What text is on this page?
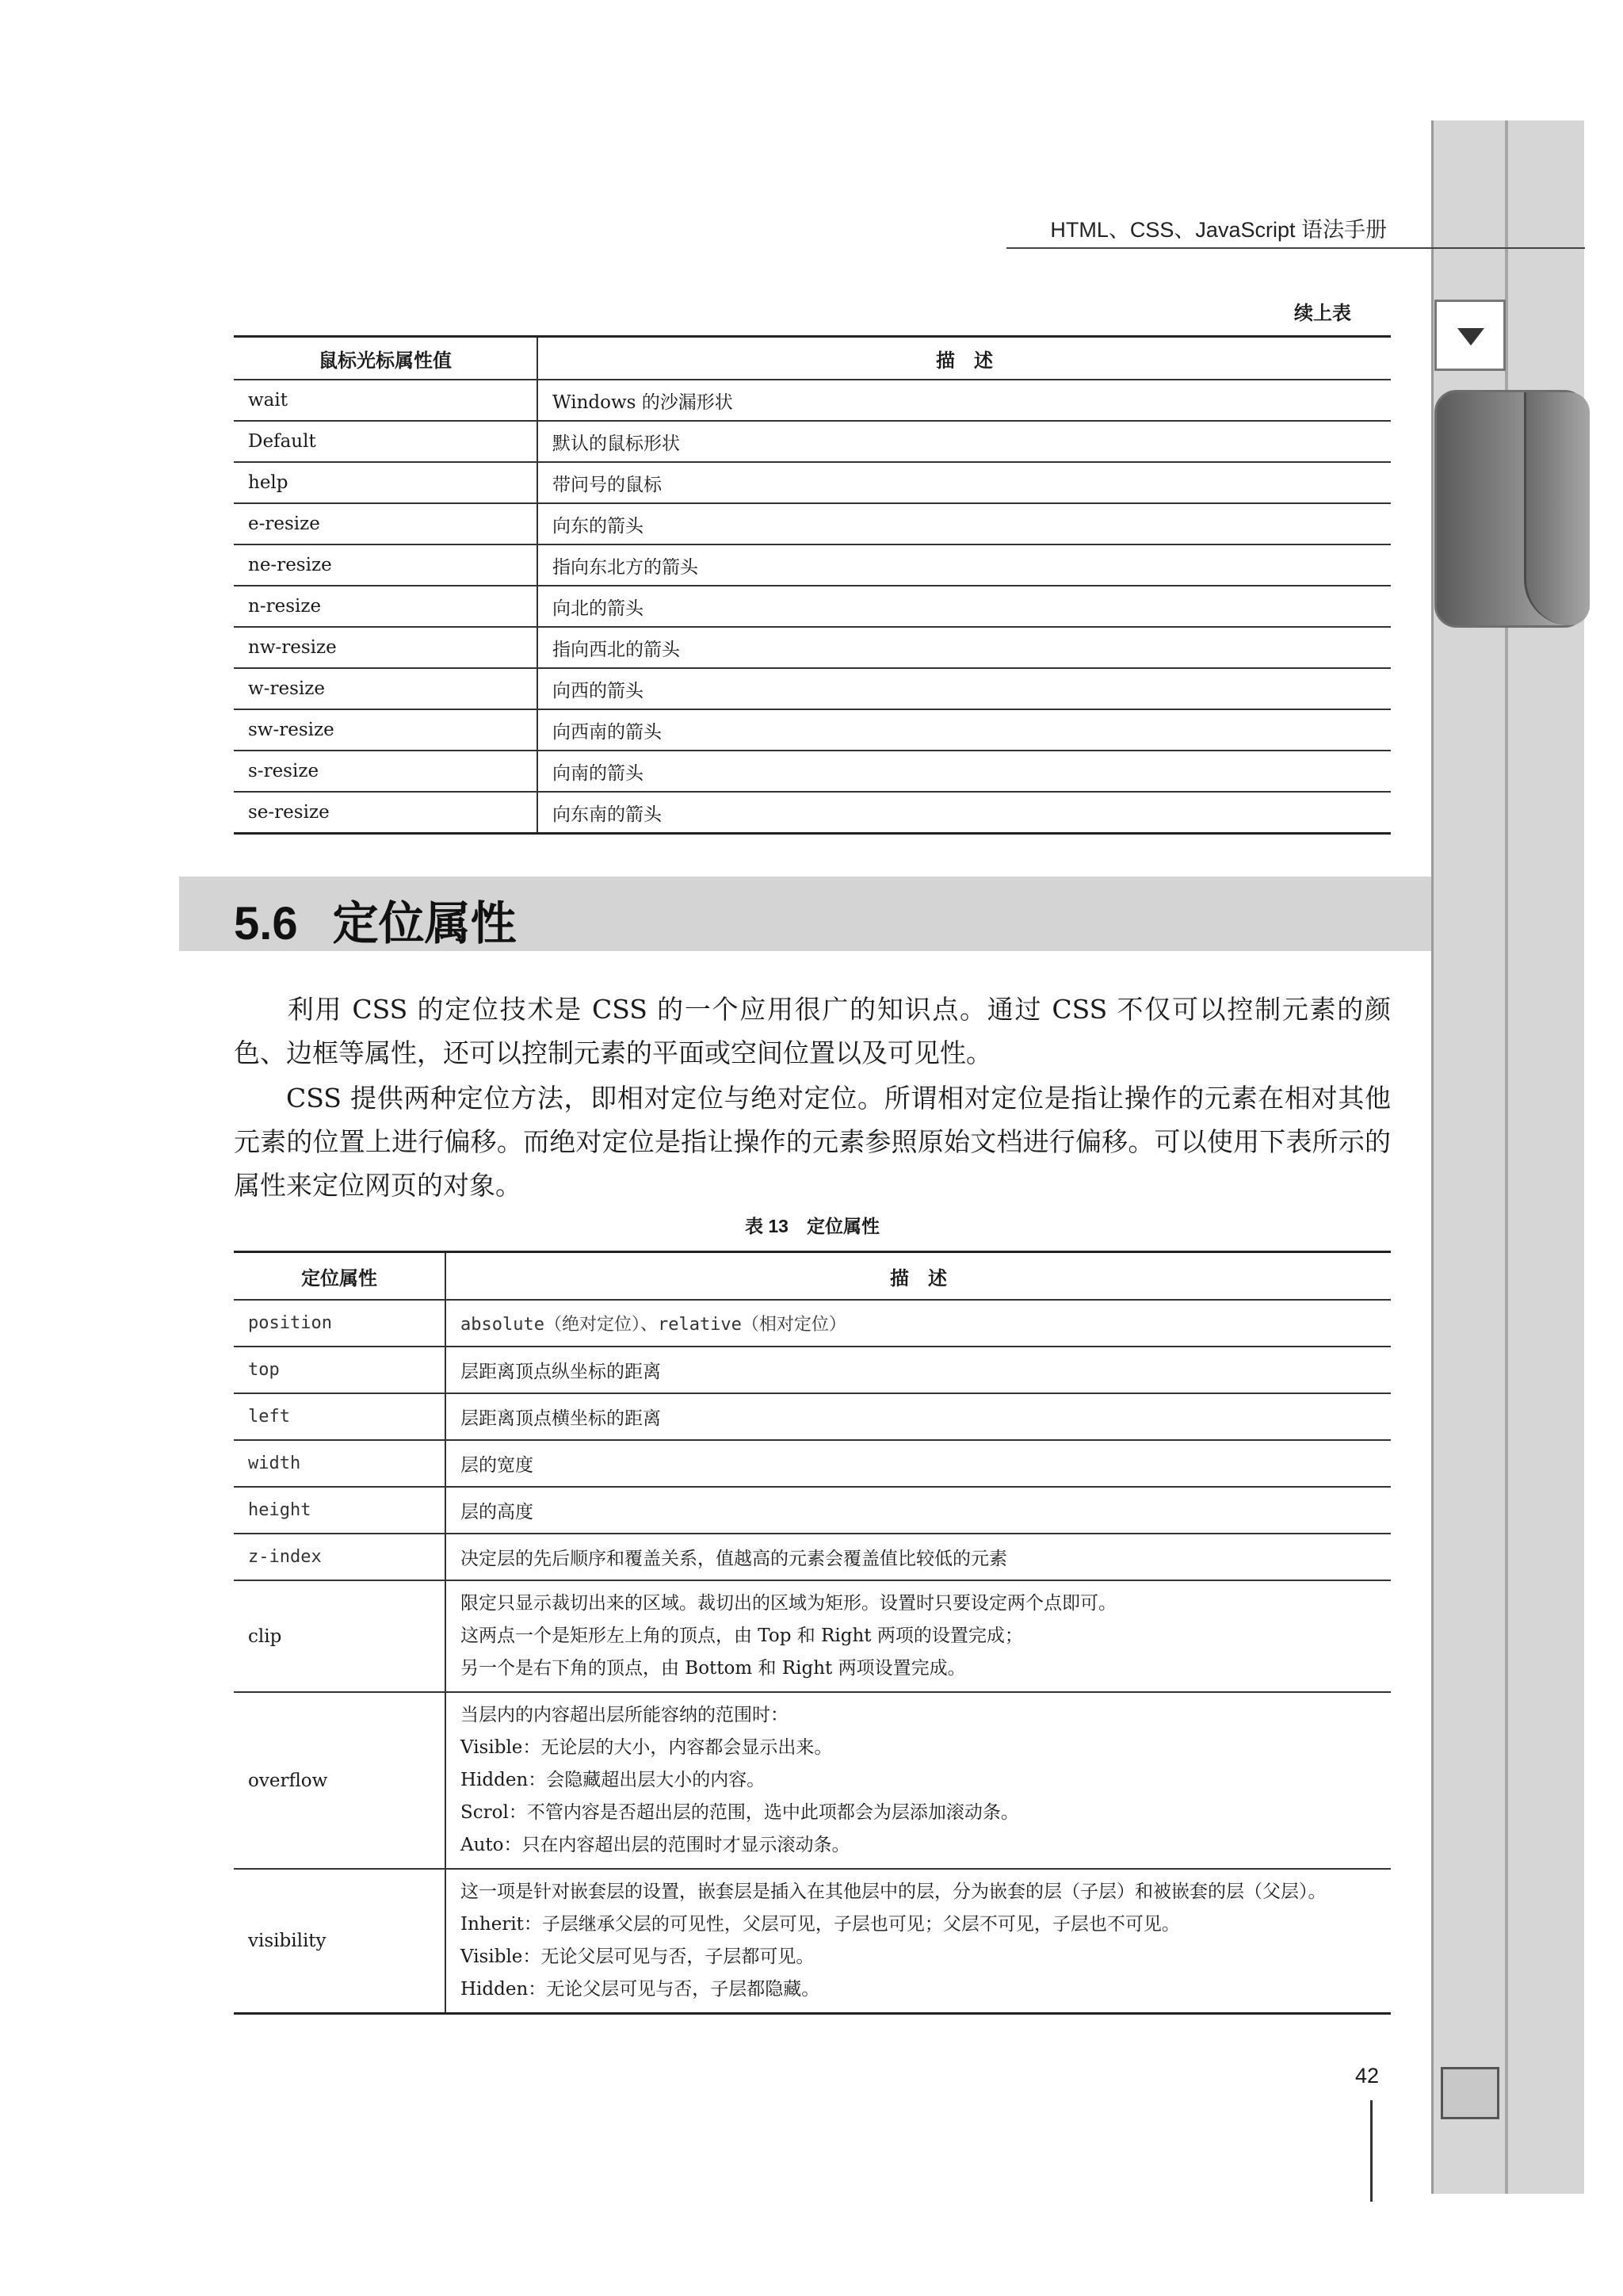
HTML、CSS、JavaScript 语法手册
续上表
鼠标光标属性值	描　述
wait	Windows 的沙漏形状
Default	默认的鼠标形状
help	带问号的鼠标
e-resize	向东的箭头
ne-resize	指向东北方的箭头
n-resize	向北的箭头
nw-resize	指向西北的箭头
w-resize	向西的箭头
sw-resize	向西南的箭头
s-resize	向南的箭头
se-resize	向东南的箭头
5.6 定位属性
利用 CSS 的定位技术是 CSS 的一个应用很广的知识点。通过 CSS 不仅可以控制元素的颜色、边框等属性，还可以控制元素的平面或空间位置以及可见性。
CSS 提供两种定位方法，即相对定位与绝对定位。所谓相对定位是指让操作的元素在相对其他元素的位置上进行偏移。而绝对定位是指让操作的元素参照原始文档进行偏移。可以使用下表所示的属性来定位网页的对象。
表 13　定位属性
定位属性	描　述
position	absolute（绝对定位）、relative（相对定位）

top	层距离顶点纵坐标的距离

left	层距离顶点横坐标的距离

width	层的宽度

height	层的高度

z-index	决定层的先后顺序和覆盖关系，值越高的元素会覆盖值比较低的元素

clip	限定只显示裁切出来的区域。裁切出的区域为矩形。设置时只要设定两个点即可。
这两点一个是矩形左上角的顶点，由 Top 和 Right 两项的设置完成；
另一个是右下角的顶点，由 Bottom 和 Right 两项设置完成。

overflow	当层内的内容超出层所能容纳的范围时：
Visible：无论层的大小，内容都会显示出来。
Hidden：会隐藏超出层大小的内容。
Scrol：不管内容是否超出层的范围，选中此项都会为层添加滚动条。
Auto：只在内容超出层的范围时才显示滚动条。

visibility	这一项是针对嵌套层的设置，嵌套层是插入在其他层中的层，分为嵌套的层（子层）和被嵌套的层（父层）。
Inherit：子层继承父层的可见性，父层可见，子层也可见；父层不可见，子层也不可见。
Visible：无论父层可见与否，子层都可见。
Hidden：无论父层可见与否，子层都隐藏。
42
